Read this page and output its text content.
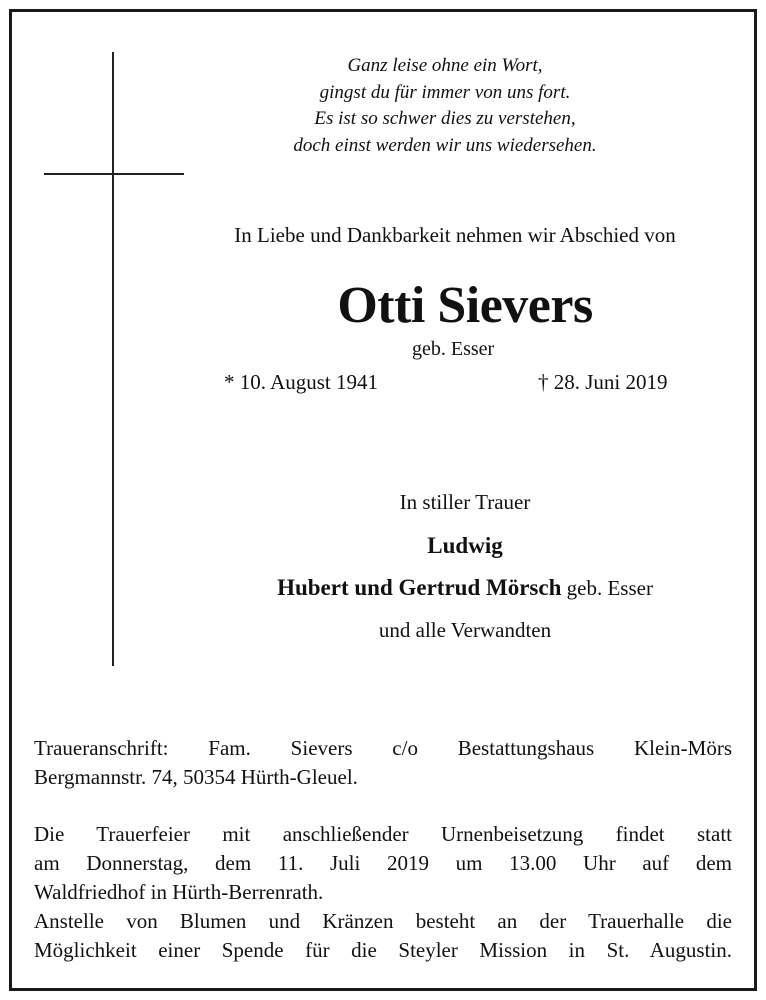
Ganz leise ohne ein Wort,
gingst du für immer von uns fort.
Es ist so schwer dies zu verstehen,
doch einst werden wir uns wiedersehen.
In Liebe und Dankbarkeit nehmen wir Abschied von
Otti Sievers
geb. Esser
* 10. August 1941	† 28. Juni 2019
In stiller Trauer
Ludwig
Hubert und Gertrud Mörsch geb. Esser
und alle Verwandten
Traueranschrift: Fam. Sievers c/o Bestattungshaus Klein-Mörs
Bergmannstr. 74, 50354 Hürth-Gleuel.
Die Trauerfeier mit anschließender Urnenbeisetzung findet statt
am Donnerstag, dem 11. Juli 2019 um 13.00 Uhr auf dem
Waldfriedhof in Hürth-Berrenrath.
Anstelle von Blumen und Kränzen besteht an der Trauerhalle die
Möglichkeit einer Spende für die Steyler Mission in St. Augustin.
